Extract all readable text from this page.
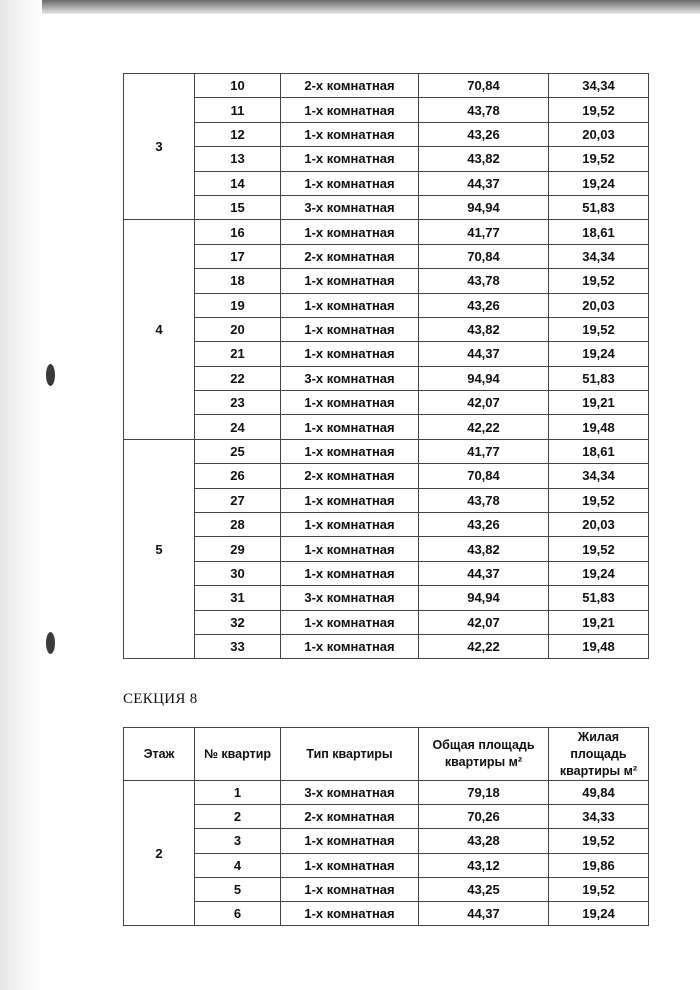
3	10	2-х комнатная	70,84	34,34
	11	1-х комнатная	43,78	19,52
	12	1-х комнатная	43,26	20,03
	13	1-х комнатная	43,82	19,52
	14	1-х комнатная	44,37	19,24
	15	3-х комнатная	94,94	51,83
4	16	1-х комнатная	41,77	18,61
	17	2-х комнатная	70,84	34,34
	18	1-х комнатная	43,78	19,52
	19	1-х комнатная	43,26	20,03
	20	1-х комнатная	43,82	19,52
	21	1-х комнатная	44,37	19,24
	22	3-х комнатная	94,94	51,83
	23	1-х комнатная	42,07	19,21
	24	1-х комнатная	42,22	19,48
5	25	1-х комнатная	41,77	18,61
	26	2-х комнатная	70,84	34,34
	27	1-х комнатная	43,78	19,52
	28	1-х комнатная	43,26	20,03
	29	1-х комнатная	43,82	19,52
	30	1-х комнатная	44,37	19,24
	31	3-х комнатная	94,94	51,83
	32	1-х комнатная	42,07	19,21
	33	1-х комнатная	42,22	19,48
СЕКЦИЯ 8
Этаж	№ квартир	Тип квартиры	Общая площадь квартиры м²	Жилая площадь квартиры м²
2	1	3-х комнатная	79,18	49,84
	2	2-х комнатная	70,26	34,33
	3	1-х комнатная	43,28	19,52
	4	1-х комнатная	43,12	19,86
	5	1-х комнатная	43,25	19,52
	6	1-х комнатная	44,37	19,24
